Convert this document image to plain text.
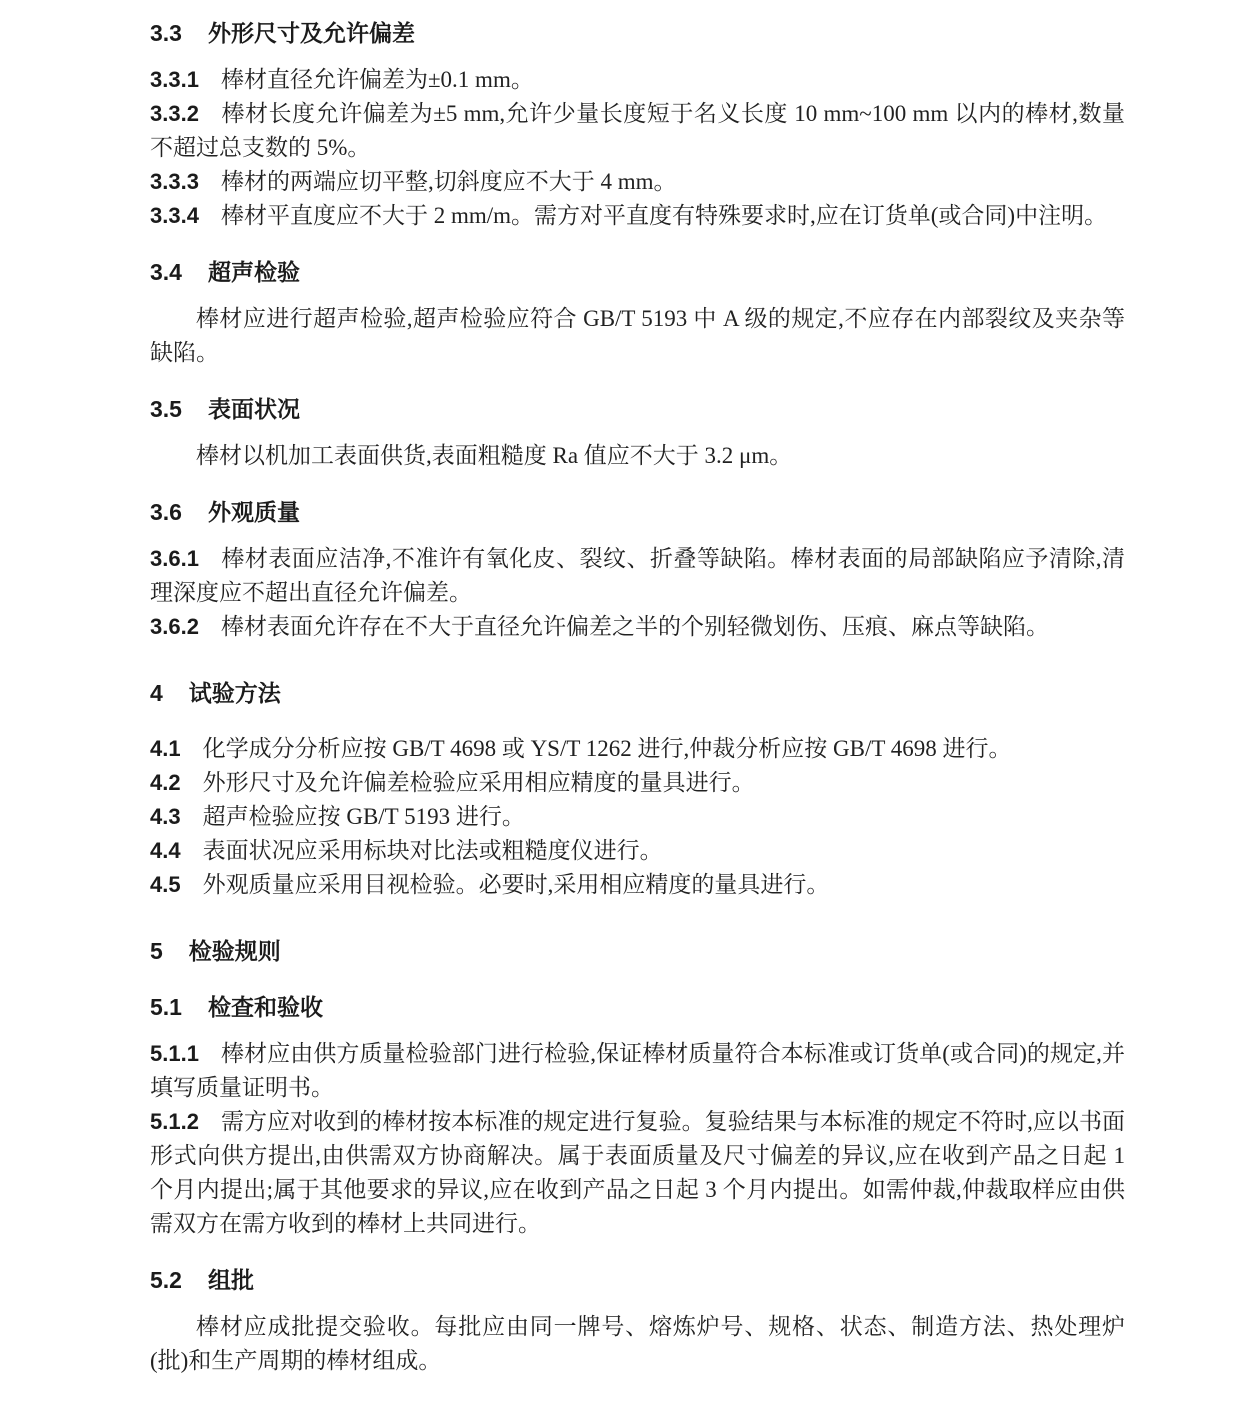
3.3 外形尺寸及允许偏差

3.3.1 棒材直径允许偏差为±0.1 mm。

3.3.2 棒材长度允许偏差为±5 mm,允许少量长度短于名义长度 10 mm~100 mm 以内的棒材,数量不超过总支数的 5%。

3.3.3 棒材的两端应切平整,切斜度应不大于 4 mm。

3.3.4 棒材平直度应不大于 2 mm/m。需方对平直度有特殊要求时,应在订货单(或合同)中注明。

3.4 超声检验

棒材应进行超声检验,超声检验应符合 GB/T 5193 中 A 级的规定,不应存在内部裂纹及夹杂等缺陷。

3.5 表面状况

棒材以机加工表面供货,表面粗糙度 Ra 值应不大于 3.2 μm。

3.6 外观质量

3.6.1 棒材表面应洁净,不准许有氧化皮、裂纹、折叠等缺陷。棒材表面的局部缺陷应予清除,清理深度应不超出直径允许偏差。

3.6.2 棒材表面允许存在不大于直径允许偏差之半的个别轻微划伤、压痕、麻点等缺陷。

4 试验方法

4.1 化学成分分析应按 GB/T 4698 或 YS/T 1262 进行,仲裁分析应按 GB/T 4698 进行。

4.2 外形尺寸及允许偏差检验应采用相应精度的量具进行。

4.3 超声检验应按 GB/T 5193 进行。

4.4 表面状况应采用标块对比法或粗糙度仪进行。

4.5 外观质量应采用目视检验。必要时,采用相应精度的量具进行。

5 检验规则
5.1 检查和验收

5.1.1 棒材应由供方质量检验部门进行检验,保证棒材质量符合本标准或订货单(或合同)的规定,并填写质量证明书。

5.1.2 需方应对收到的棒材按本标准的规定进行复验。复验结果与本标准的规定不符时,应以书面形式向供方提出,由供需双方协商解决。属于表面质量及尺寸偏差的异议,应在收到产品之日起 1 个月内提出;属于其他要求的异议,应在收到产品之日起 3 个月内提出。如需仲裁,仲裁取样应由供需双方在需方收到的棒材上共同进行。

5.2 组批

棒材应成批提交验收。每批应由同一牌号、熔炼炉号、规格、状态、制造方法、热处理炉(批)和生产周期的棒材组成。
